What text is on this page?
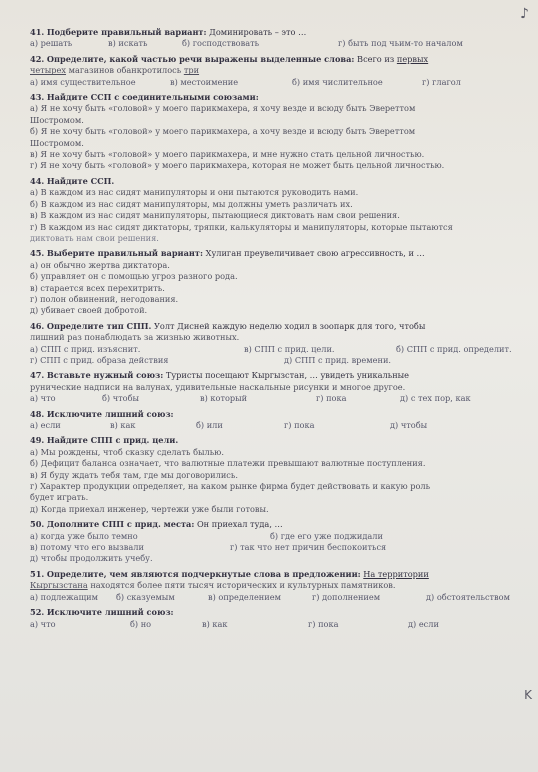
♪
K
41. Подберите правильный вариант: Доминировать – это …
а) решать	в) искать	б) господствовать	г) быть под чьим-то началом
42. Определите, какой частью речи выражены выделенные слова: Всего из первых
четырех магазинов обанкротилось три
а) имя существительное	в) местоимение	б) имя числительное	г) глагол
43. Найдите ССП с соединительными союзами:
а) Я не хочу быть «головой» у моего парикмахера, я хочу везде и всюду быть Эвереттом
Шостромом.
б) Я не хочу быть «головой» у моего парикмахера, а хочу везде и всюду быть Эвереттом
Шостромом.
в) Я не хочу быть «головой» у моего парикмахера, и мне нужно стать цельной личностью.
г) Я не хочу быть «головой» у моего парикмахера, которая не может быть цельной личностью.
44. Найдите ССП.
а) В каждом из нас сидят манипуляторы и они пытаются руководить нами.
б) В каждом из нас сидят манипуляторы, мы должны уметь различать их.
в) В каждом из нас сидят манипуляторы, пытающиеся диктовать нам свои решения.
г) В каждом из нас сидят диктаторы, тряпки, калькуляторы и манипуляторы, которые пытаются
диктовать нам свои решения.
45. Выберите правильный вариант: Хулиган преувеличивает свою агрессивность, и …
а) он обычно жертва диктатора.
б) управляет он с помощью угроз разного рода.
в) старается всех перехитрить.
г) полон обвинений, негодования.
д) убивает своей добротой.
46. Определите тип СПП. Уолт Дисней каждую неделю ходил в зоопарк для того, чтобы
лишний раз понаблюдать за жизнью животных.
а) СПП с прид. изъяснит.	в) СПП с прид. цели.	б) СПП с прид. определит.
г) СПП с прид. образа действия	д) СПП с прид. времени.
47. Вставьте нужный союз: Туристы посещают Кыргызстан, … увидеть уникальные
рунические надписи на валунах, удивительные наскальные рисунки и многое другое.
а) что	б) чтобы	в) который	г) пока	д) с тех пор, как
48. Исключите лишний союз:
а) если	в) как	б) или	г) пока	д) чтобы
49. Найдите СПП с прид. цели.
а) Мы рождены, чтоб сказку сделать былью.
б) Дефицит баланса означает, что валютные платежи превышают валютные поступления.
в) Я буду ждать тебя там, где мы договорились.
г) Характер продукции определяет, на каком рынке фирма будет действовать и какую роль
будет играть.
д) Когда приехал инженер, чертежи уже были готовы.
50. Дополните СПП с прид. места: Он приехал туда, …
а) когда уже было темно	б) где его уже поджидали
в) потому что его вызвали	г) так что нет причин беспокоиться
д) чтобы продолжить учебу.
51. Определите, чем являются подчеркнутые слова в предложении: На территории
Кыргызстана находятся более пяти тысяч исторических и культурных памятников.
а) подлежащим	б) сказуемым	в) определением	г) дополнением	д) обстоятельством
52. Исключите лишний союз:
а) что	б) но	в) как	г) пока	д) если
